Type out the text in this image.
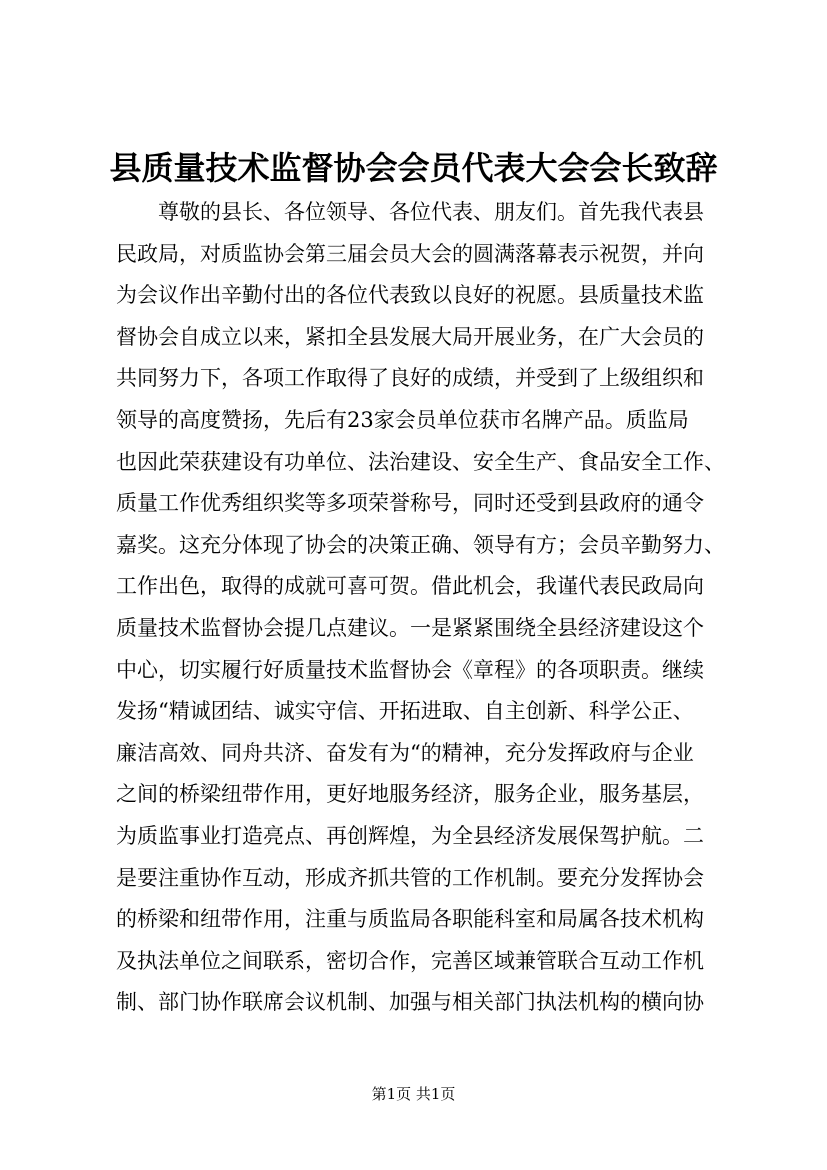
县质量技术监督协会会员代表大会会长致辞
尊敬的县长、各位领导、各位代表、朋友们。首先我代表县
民政局，对质监协会第三届会员大会的圆满落幕表示祝贺，并向
为会议作出辛勤付出的各位代表致以良好的祝愿。县质量技术监
督协会自成立以来，紧扣全县发展大局开展业务，在广大会员的
共同努力下，各项工作取得了良好的成绩，并受到了上级组织和
领导的高度赞扬，先后有23家会员单位获市名牌产品。质监局
也因此荣获建设有功单位、法治建设、安全生产、食品安全工作、
质量工作优秀组织奖等多项荣誉称号，同时还受到县政府的通令
嘉奖。这充分体现了协会的决策正确、领导有方；会员辛勤努力、
工作出色，取得的成就可喜可贺。借此机会，我谨代表民政局向
质量技术监督协会提几点建议。一是紧紧围绕全县经济建设这个
中心，切实履行好质量技术监督协会《章程》的各项职责。继续
发扬“精诚团结、诚实守信、开拓进取、自主创新、科学公正、
廉洁高效、同舟共济、奋发有为“的精神，充分发挥政府与企业
之间的桥梁纽带作用，更好地服务经济，服务企业，服务基层，
为质监事业打造亮点、再创辉煌，为全县经济发展保驾护航。二
是要注重协作互动，形成齐抓共管的工作机制。要充分发挥协会
的桥梁和纽带作用，注重与质监局各职能科室和局属各技术机构
及执法单位之间联系，密切合作，完善区域兼管联合互动工作机
制、部门协作联席会议机制、加强与相关部门执法机构的横向协
第1页 共1页
